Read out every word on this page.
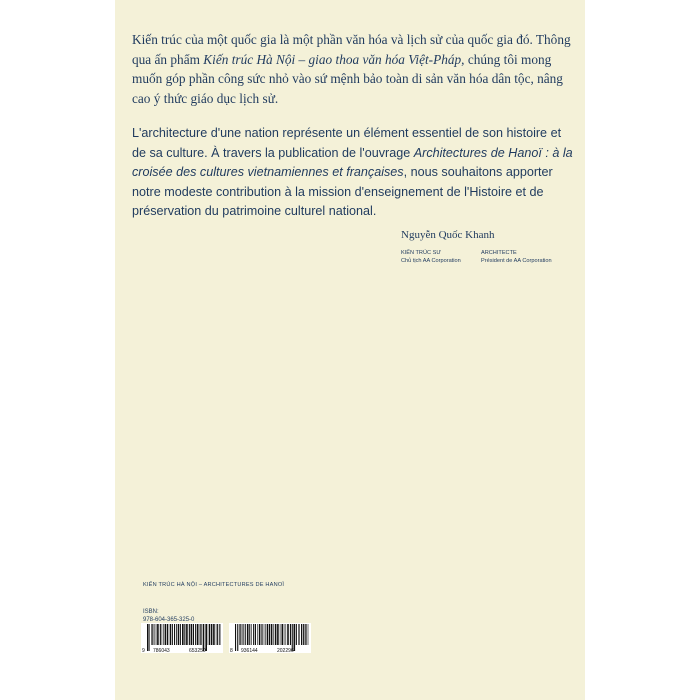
Kiến trúc của một quốc gia là một phần văn hóa và lịch sử của quốc gia đó. Thông qua ấn phẩm Kiến trúc Hà Nội – giao thoa văn hóa Việt-Pháp, chúng tôi mong muốn góp phần công sức nhỏ vào sứ mệnh bảo toàn di sản văn hóa dân tộc, nâng cao ý thức giáo dục lịch sử.
L'architecture d'une nation représente un élément essentiel de son histoire et de sa culture. À travers la publication de l'ouvrage Architectures de Hanoï : à la croisée des cultures vietnamiennes et françaises, nous souhaitons apporter notre modeste contribution à la mission d'enseignement de l'Histoire et de préservation du patrimoine culturel national.
Nguyễn Quốc Khanh
KIẾN TRÚC SƯ
Chủ tịch AA Corporation
ARCHITECTE
Président de AA Corporation
KIẾN TRÚC HÀ NỘI – ARCHITECTURES DE HANOÏ
ISBN:
978-604-365-325-0
9 786043	653250	8 936144	202296
